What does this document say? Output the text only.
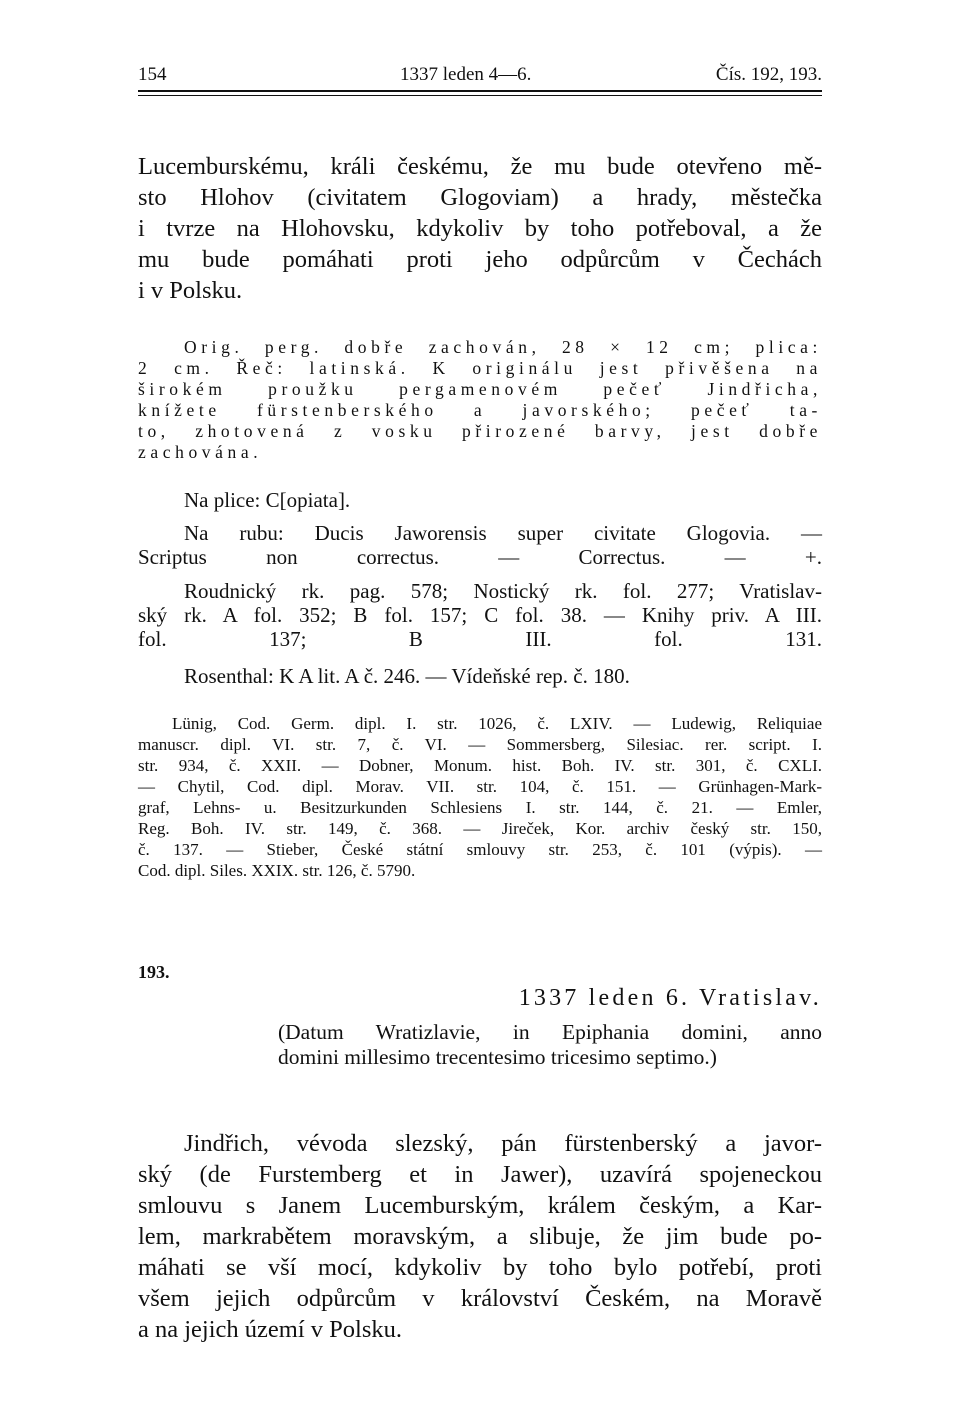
154	1337 leden 4—6.	Čís. 192, 193.
Lucemburskému, králi českému, že mu bude otevřeno mě-
sto Hlohov (civitatem Glogoviam) a hrady, městečka
i tvrze na Hlohovsku, kdykoliv by toho potřeboval, a že
mu bude pomáhati proti jeho odpůrcům v Čechách
i v Polsku.
Orig. perg. dobře zachován, 28 × 12 cm; plica:
2 cm. Řeč: latinská. K originálu jest přivěšena na
širokém proužku pergamenovém pečeť Jindřicha,
knížete fürstenberského a javorského; pečeť ta-
to, zhotovená z vosku přirozené barvy, jest dobře
zachována.
Na plice: C[opiata].
Na rubu: Ducis Jaworensis super civitate Glogovia. —
Scriptus non correctus. — Correctus. — +.
Roudnický rk. pag. 578; Nostický rk. fol. 277; Vratislav-
ský rk. A fol. 352; B fol. 157; C fol. 38. — Knihy priv. A III.
fol. 137; B III. fol. 131.
Rosenthal: K A lit. A č. 246. — Vídeňské rep. č. 180.
Lünig, Cod. Germ. dipl. I. str. 1026, č. LXIV. — Ludewig, Reliquiae
manuscr. dipl. VI. str. 7, č. VI. — Sommersberg, Silesiac. rer. script. I.
str. 934, č. XXII. — Dobner, Monum. hist. Boh. IV. str. 301, č. CXLI.
— Chytil, Cod. dipl. Morav. VII. str. 104, č. 151. — Grünhagen-Mark-
graf, Lehns- u. Besitzurkunden Schlesiens I. str. 144, č. 21. — Emler,
Reg. Boh. IV. str. 149, č. 368. — Jireček, Kor. archiv český str. 150,
č. 137. — Stieber, České státní smlouvy str. 253, č. 101 (výpis). —
Cod. dipl. Siles. XXIX. str. 126, č. 5790.
193.
1337 leden 6. Vratislav.
(Datum Wratizlavie, in Epiphania domini, anno
domini millesimo trecentesimo tricesimo septimo.)
Jindřich, vévoda slezský, pán fürstenberský a javor-
ský (de Furstemberg et in Jawer), uzavírá spojeneckou
smlouvu s Janem Lucemburským, králem českým, a Kar-
lem, markrabětem moravským, a slibuje, že jim bude po-
máhati se vší mocí, kdykoliv by toho bylo potřebí, proti
všem jejich odpůrcům v království Českém, na Moravě
a na jejich území v Polsku.
